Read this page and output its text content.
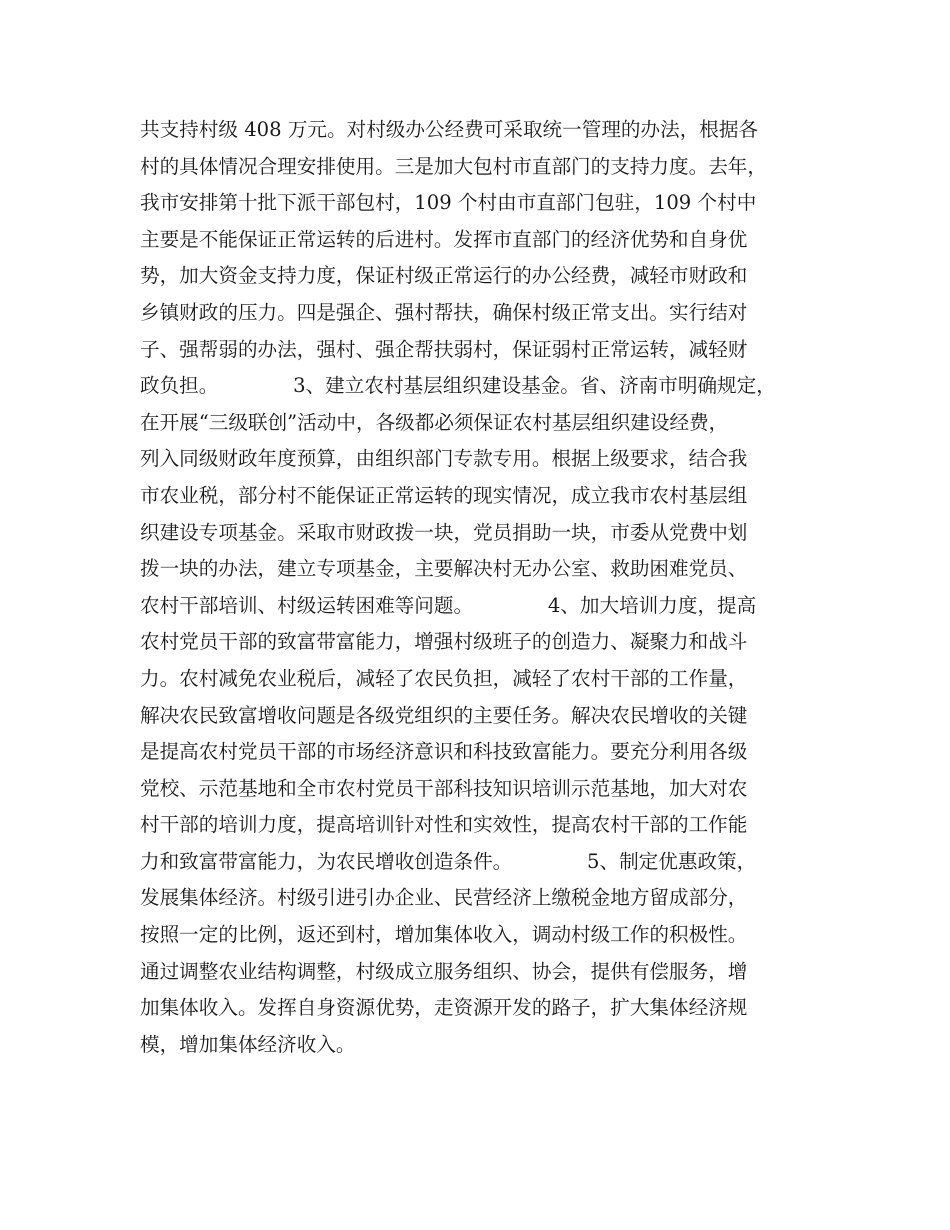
共支持村级 408 万元。对村级办公经费可采取统一管理的办法，根据各
村的具体情况合理安排使用。三是加大包村市直部门的支持力度。去年，
我市安排第十批下派干部包村，109 个村由市直部门包驻，109 个村中
主要是不能保证正常运转的后进村。发挥市直部门的经济优势和自身优
势，加大资金支持力度，保证村级正常运行的办公经费，减轻市财政和
乡镇财政的压力。四是强企、强村帮扶，确保村级正常支出。实行结对
子、强帮弱的办法，强村、强企帮扶弱村，保证弱村正常运转，减轻财
政负担。            3、建立农村基层组织建设基金。省、济南市明确规定，
在开展“三级联创”活动中，各级都必须保证农村基层组织建设经费，
列入同级财政年度预算，由组织部门专款专用。根据上级要求，结合我
市农业税，部分村不能保证正常运转的现实情况，成立我市农村基层组
织建设专项基金。采取市财政拨一块，党员捐助一块，市委从党费中划
拨一块的办法，建立专项基金，主要解决村无办公室、救助困难党员、
农村干部培训、村级运转困难等问题。            4、加大培训力度，提高
农村党员干部的致富带富能力，增强村级班子的创造力、凝聚力和战斗
力。农村减免农业税后，减轻了农民负担，减轻了农村干部的工作量，
解决农民致富增收问题是各级党组织的主要任务。解决农民增收的关键
是提高农村党员干部的市场经济意识和科技致富能力。要充分利用各级
党校、示范基地和全市农村党员干部科技知识培训示范基地，加大对农
村干部的培训力度，提高培训针对性和实效性，提高农村干部的工作能
力和致富带富能力，为农民增收创造条件。            5、制定优惠政策，
发展集体经济。村级引进引办企业、民营经济上缴税金地方留成部分，
按照一定的比例，返还到村，增加集体收入，调动村级工作的积极性。
通过调整农业结构调整，村级成立服务组织、协会，提供有偿服务，增
加集体收入。发挥自身资源优势，走资源开发的路子，扩大集体经济规
模，增加集体经济收入。
